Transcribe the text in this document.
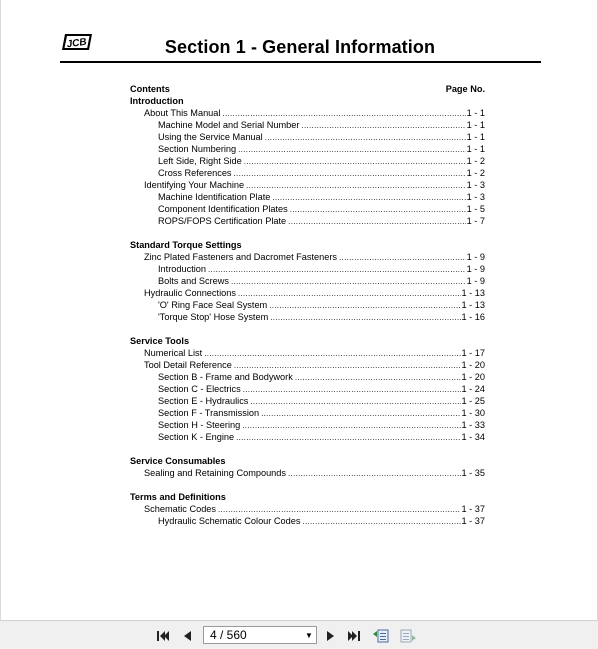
JCB	Section 1 - General Information
Contents	Page No.
Introduction
About This Manual .....	1 - 1
Machine Model and Serial Number .....	1 - 1
Using the Service Manual .....	1 - 1
Section Numbering .....	1 - 1
Left Side, Right Side .....	1 - 2
Cross References .....	1 - 2
Identifying Your Machine .....	1 - 3
Machine Identification Plate .....	1 - 3
Component Identification Plates .....	1 - 5
ROPS/FOPS Certification Plate .....	1 - 7
Standard Torque Settings
Zinc Plated Fasteners and Dacromet Fasteners .....	1 - 9
Introduction .....	1 - 9
Bolts and Screws .....	1 - 9
Hydraulic Connections .....	1 - 13
'O' Ring Face Seal System .....	1 - 13
'Torque Stop' Hose System .....	1 - 16
Service Tools
Numerical List .....	1 - 17
Tool Detail Reference .....	1 - 20
Section B - Frame and Bodywork .....	1 - 20
Section C - Electrics .....	1 - 24
Section E - Hydraulics .....	1 - 25
Section F - Transmission .....	1 - 30
Section H - Steering .....	1 - 33
Section K - Engine .....	1 - 34
Service Consumables
Sealing and Retaining Compounds .....	1 - 35
Terms and Definitions
Schematic Codes .....	1 - 37
Hydraulic Schematic Colour Codes .....	1 - 37
4 / 560	▼
